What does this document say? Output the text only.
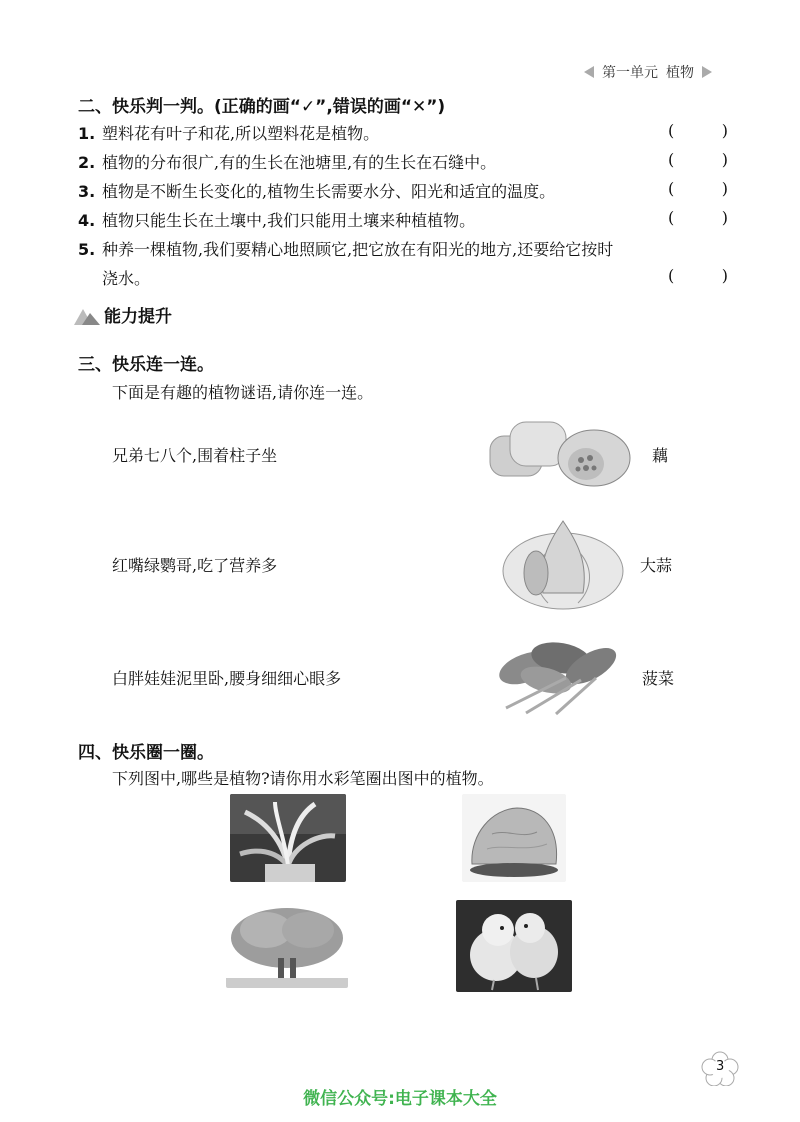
第一单元 植物
二、快乐判一判。(正确的画“✓”,错误的画“✕”)
1. 塑料花有叶子和花,所以塑料花是植物。	(	)
2. 植物的分布很广,有的生长在池塘里,有的生长在石缝中。	(	)
3. 植物是不断生长变化的,植物生长需要水分、阳光和适宜的温度。	(	)
4. 植物只能生长在土壤中,我们只能用土壤来种植植物。	(	)
5. 种养一棵植物,我们要精心地照顾它,把它放在有阳光的地方,还要给它按时
浇水。	(	)
能力提升
三、快乐连一连。
下面是有趣的植物谜语,请你连一连。
兄弟七八个,围着柱子坐
红嘴绿鹦哥,吃了营养多
白胖娃娃泥里卧,腰身细细心眼多
藕
大蒜
菠菜
四、快乐圈一圈。
下列图中,哪些是植物?请你用水彩笔圈出图中的植物。
3
微信公众号:电子课本大全
